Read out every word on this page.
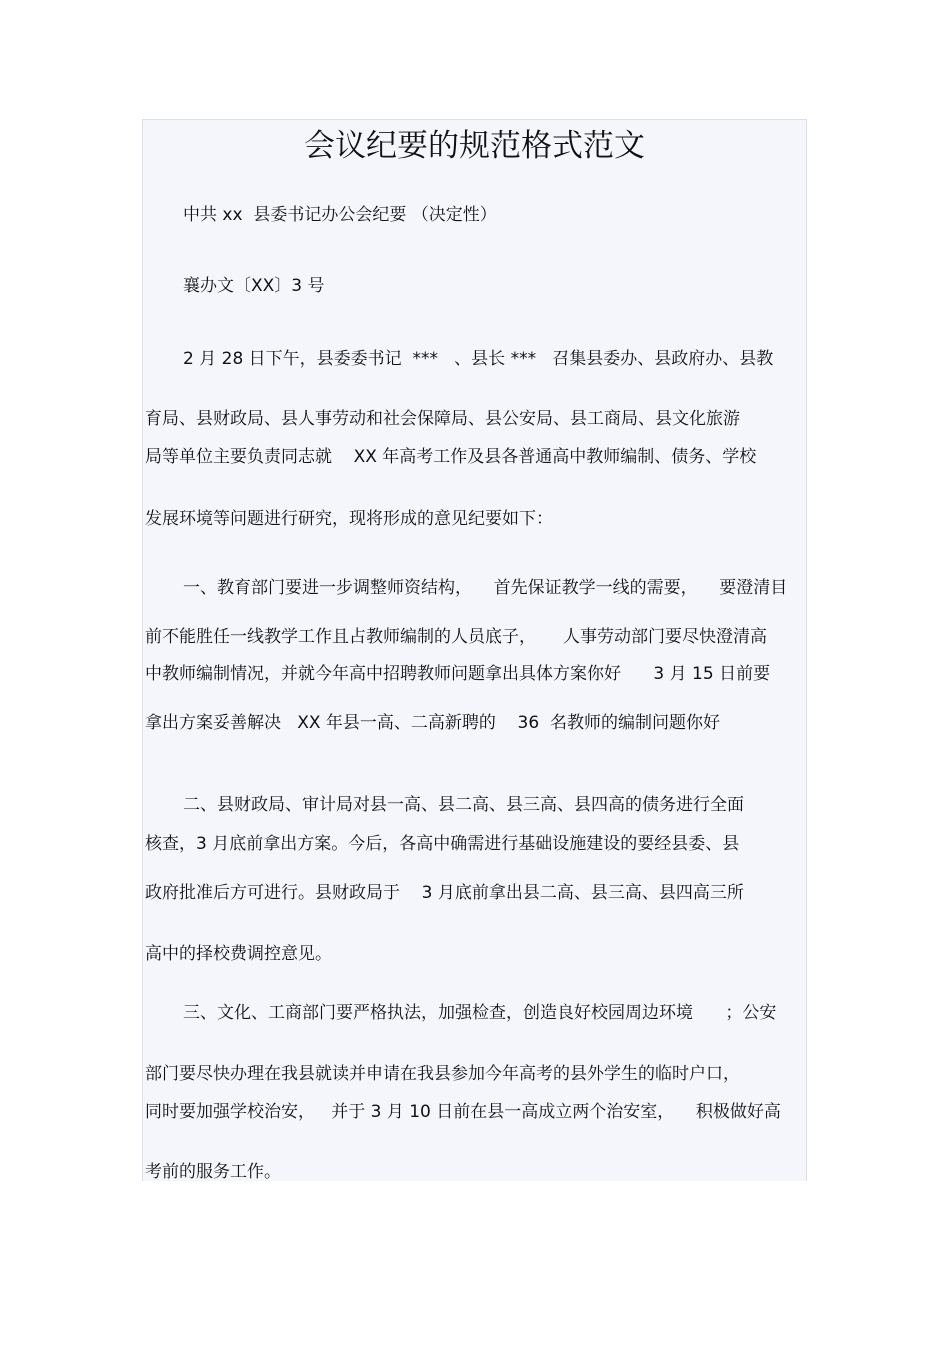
会议纪要的规范格式范文
中共 xx  县委书记办公会纪要 （决定性）
襄办文〔XX〕3 号
2 月 28 日下午，县委委书记  ***   、县长 ***   召集县委办、县政府办、县教
育局、县财政局、县人事劳动和社会保障局、县公安局、县工商局、县文化旅游
局等单位主要负责同志就    XX 年高考工作及县各普通高中教师编制、债务、学校
发展环境等问题进行研究，现将形成的意见纪要如下：
一、教育部门要进一步调整师资结构，    首先保证教学一线的需要，    要澄清目
前不能胜任一线教学工作且占教师编制的人员底子，     人事劳动部门要尽快澄清高
中教师编制情况，并就今年高中招聘教师问题拿出具体方案你好      3 月 15 日前要
拿出方案妥善解决   XX 年县一高、二高新聘的    36  名教师的编制问题你好
二、县财政局、审计局对县一高、县二高、县三高、县四高的债务进行全面
核查，3 月底前拿出方案。今后，各高中确需进行基础设施建设的要经县委、县
政府批准后方可进行。县财政局于    3 月底前拿出县二高、县三高、县四高三所
高中的择校费调控意见。
三、文化、工商部门要严格执法，加强检查，创造良好校园周边环境      ；公安
部门要尽快办理在我县就读并申请在我县参加今年高考的县外学生的临时户口，
同时要加强学校治安，   并于 3 月 10 日前在县一高成立两个治安室，    积极做好高
考前的服务工作。
